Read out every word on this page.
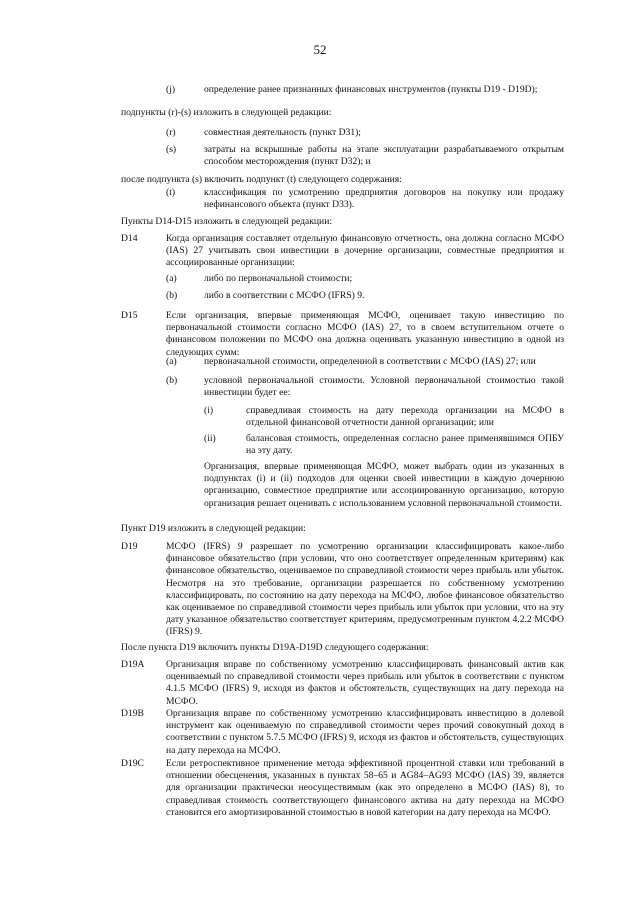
52
(j)	определение ранее признанных финансовых инструментов (пункты D19 - D19D);

подпункты (r)-(s) изложить в следующей редакции:
(r)	совместная деятельность (пункт D31);

(s)	затраты на вскрышные работы на этапе эксплуатации разрабатываемого открытым способом месторождения (пункт D32); и

после подпункта (s) включить подпункт (t) следующего содержания:
(t)	классификация по усмотрению предприятия договоров на покупку или продажу нефинансового объекта (пункт D33).

Пункты D14-D15 изложить в следующей редакции:
D14	Когда организация составляет отдельную финансовую отчетность, она должна согласно МСФО (IAS) 27 учитывать свои инвестиции в дочерние организации, совместные предприятия и ассоциированные организации:

(a)	либо по первоначальной стоимости;

(b)	либо в соответствии с МСФО (IFRS) 9.

D15	Если организация, впервые применяющая МСФО, оценивает такую инвестицию по первоначальной стоимости согласно МСФО (IAS) 27, то в своем вступительном отчете о финансовом положении по МСФО она должна оценивать указанную инвестицию в одной из следующих сумм:

(a)	первоначальной стоимости, определенной в соответствии с МСФО (IAS) 27; или

(b)	условной первоначальной стоимости. Условной первоначальной стоимостью такой инвестиции будет ее:

(i)	справедливая стоимость на дату перехода организации на МСФО в отдельной финансовой отчетности данной организации; или

(ii)	балансовая стоимость, определенная согласно ранее применявшимся ОПБУ на эту дату.

Организация, впервые применяющая МСФО, может выбрать один из указанных в подпунктах (i) и (ii) подходов для оценки своей инвестиции в каждую дочернюю организацию, совместное предприятие или ассоциированную организацию, которую организация решает оценивать с использованием условной первоначальной стоимости.

Пункт D19 изложить в следующей редакции:
D19	МСФО (IFRS) 9 разрешает по усмотрению организации классифицировать какое-либо финансовое обязательство (при условии, что оно соответствует определенным критериям) как финансовое обязательство, оцениваемое по справедливой стоимости через прибыль или убыток. Несмотря на это требование, организации разрешается по собственному усмотрению классифицировать, по состоянию на дату перехода на МСФО, любое финансовое обязательство как оцениваемое по справедливой стоимости через прибыль или убыток при условии, что на эту дату указанное обязательство соответствует критериям, предусмотренным пунктом 4.2.2 МСФО (IFRS) 9.

После пункта D19 включить пункты D19A-D19D следующего содержания:
D19A Организация вправе по собственному усмотрению классифицировать финансовый актив как оцениваемый по справедливой стоимости через прибыль или убыток в соответствии с пунктом 4.1.5 МСФО (IFRS) 9, исходя из фактов и обстоятельств, существующих на дату перехода на МСФО.

D19B Организация вправе по собственному усмотрению классифицировать инвестицию в долевой инструмент как оцениваемую по справедливой стоимости через прочий совокупный доход в соответствии с пунктом 5.7.5 МСФО (IFRS) 9, исходя из фактов и обстоятельств, существующих на дату перехода на МСФО.

D19C Если ретроспективное применение метода эффективной процентной ставки или требований в отношении обесценения, указанных в пунктах 58–65 и AG84–AG93 МСФО (IAS) 39, является для организации практически неосуществимым (как это определено в МСФО (IAS) 8), то справедливая стоимость соответствующего финансового актива на дату перехода на МСФО становится его амортизированной стоимостью в новой категории на дату перехода на МСФО.
